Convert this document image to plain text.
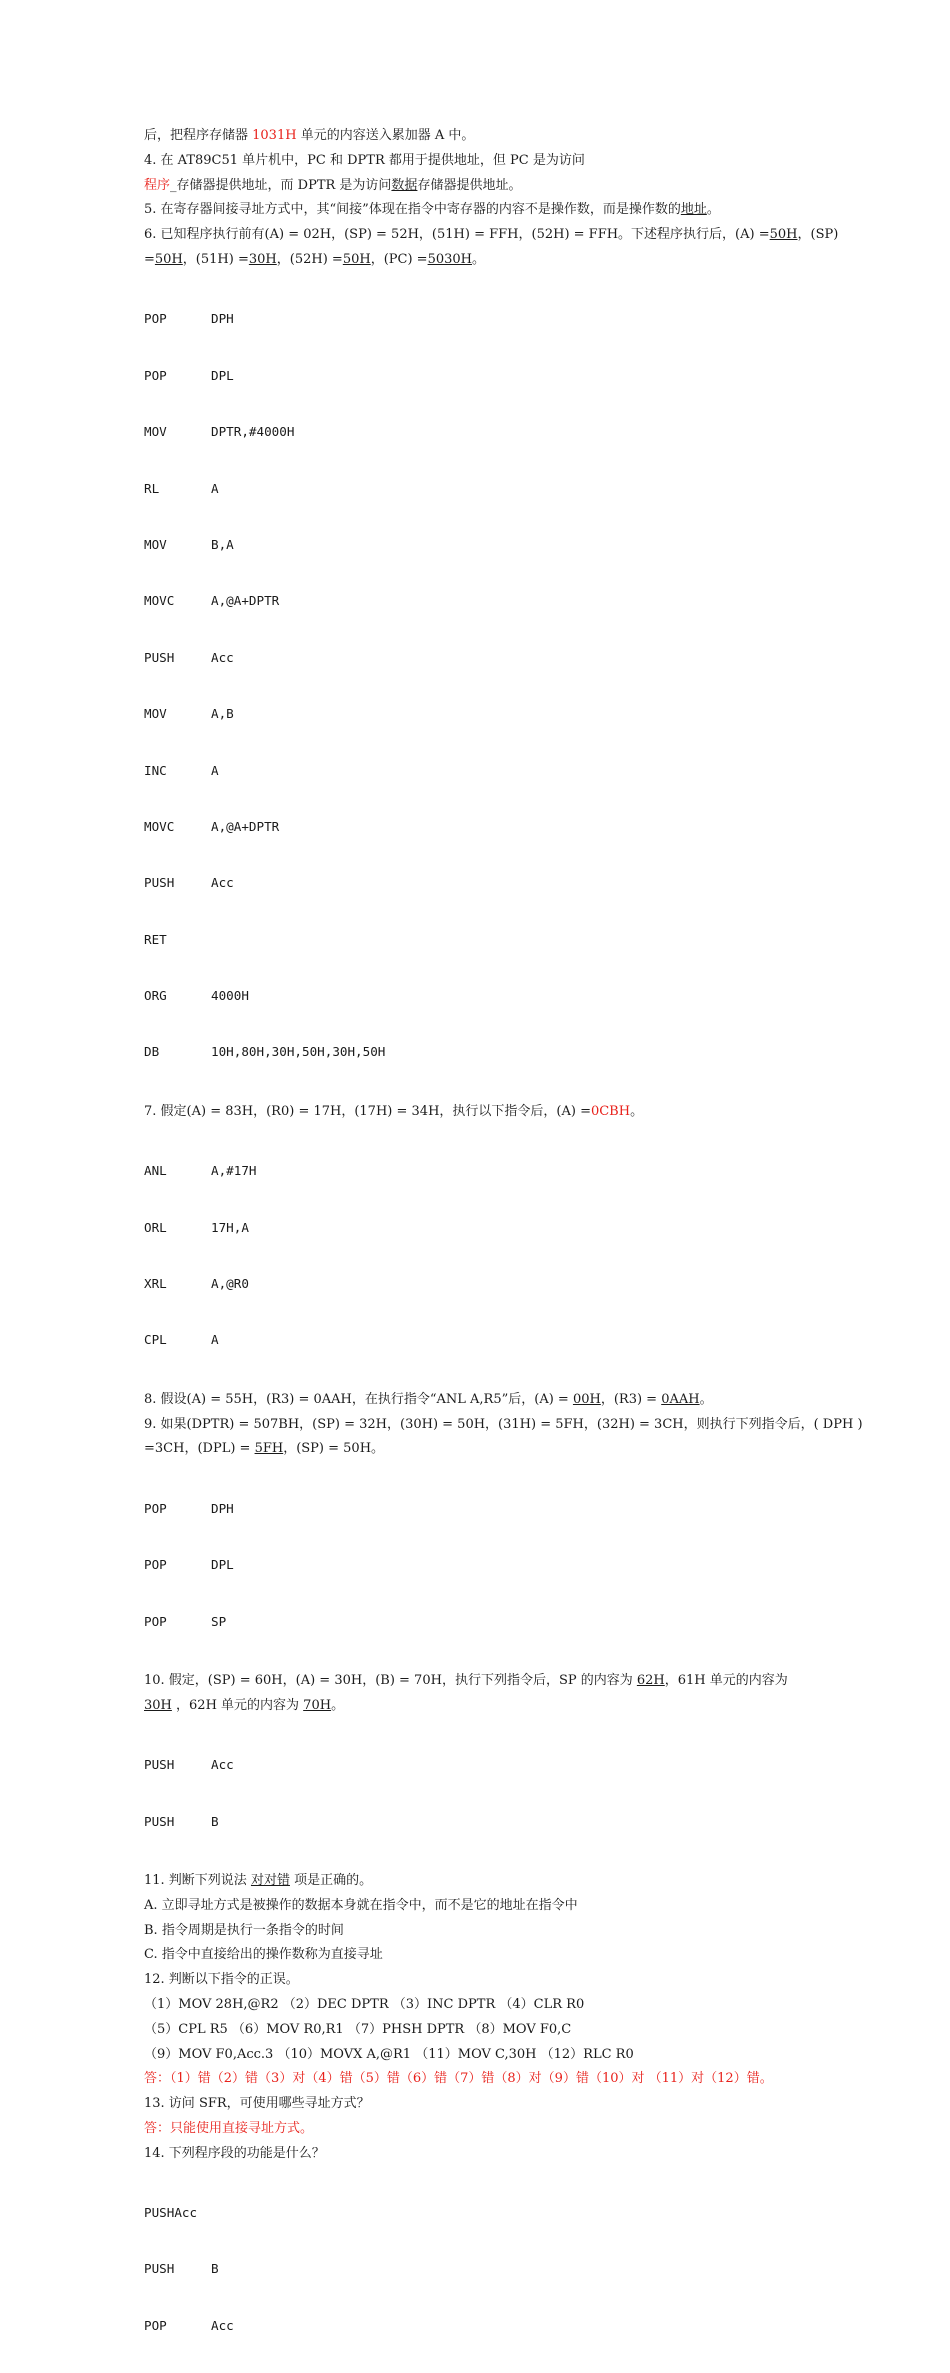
后，把程序存储器 1031H 单元的内容送入累加器 A 中。
4. 在 AT89C51 单片机中，PC 和 DPTR 都用于提供地址，但 PC 是为访问
程序_存储器提供地址，而 DPTR 是为访问数据存储器提供地址。
5. 在寄存器间接寻址方式中，其“间接”体现在指令中寄存器的内容不是操作数，而是操作数的地址。
6. 已知程序执行前有(A) = 02H，(SP) = 52H，(51H) = FFH，(52H) = FFH。下述程序执行后，(A) =50H，(SP)
=50H，(51H) =30H，(52H) =50H，(PC) =5030H。

POP	DPH

POP	DPL

MOV	DPTR,#4000H

RL	A

MOV	B,A

MOVC	A,@A+DPTR

PUSH	Acc

MOV	A,B

INC	A

MOVC	A,@A+DPTR

PUSH	Acc

RET

ORG	4000H

DB	10H,80H,30H,50H,30H,50H

7. 假定(A) = 83H，(R0) = 17H，(17H) = 34H，执行以下指令后，(A) =0CBH。

ANL	A,#17H

ORL	17H,A

XRL	A,@R0

CPL	A

8. 假设(A) = 55H，(R3) = 0AAH，在执行指令“ANL A,R5”后，(A) = 00H，(R3) = 0AAH。
9. 如果(DPTR) = 507BH，(SP) = 32H，(30H) = 50H，(31H) = 5FH，(32H) = 3CH，则执行下列指令后，( DPH )
=3CH，(DPL) = 5FH，(SP) = 50H。

POP	DPH

POP	DPL

POP	SP

10. 假定，(SP) = 60H，(A) = 30H，(B) = 70H，执行下列指令后，SP 的内容为 62H，61H 单元的内容为
30H ，62H 单元的内容为 70H。

PUSH	Acc

PUSH	B

11. 判断下列说法 对对错 项是正确的。
A. 立即寻址方式是被操作的数据本身就在指令中，而不是它的地址在指令中
B. 指令周期是执行一条指令的时间
C. 指令中直接给出的操作数称为直接寻址
12. 判断以下指令的正误。
（1）MOV 28H,@R2 （2）DEC DPTR （3）INC DPTR （4）CLR R0
（5）CPL R5 （6）MOV R0,R1 （7）PHSH DPTR （8）MOV F0,C
（9）MOV F0,Acc.3 （10）MOVX A,@R1 （11）MOV C,30H （12）RLC R0
答：（1）错（2）错（3）对（4）错（5）错（6）错（7）错（8）对（9）错（10）对 （11）对（12）错。
13. 访问 SFR，可使用哪些寻址方式？
答：只能使用直接寻址方式。
14. 下列程序段的功能是什么？

PUSHAcc

PUSH	B

POP	Acc
